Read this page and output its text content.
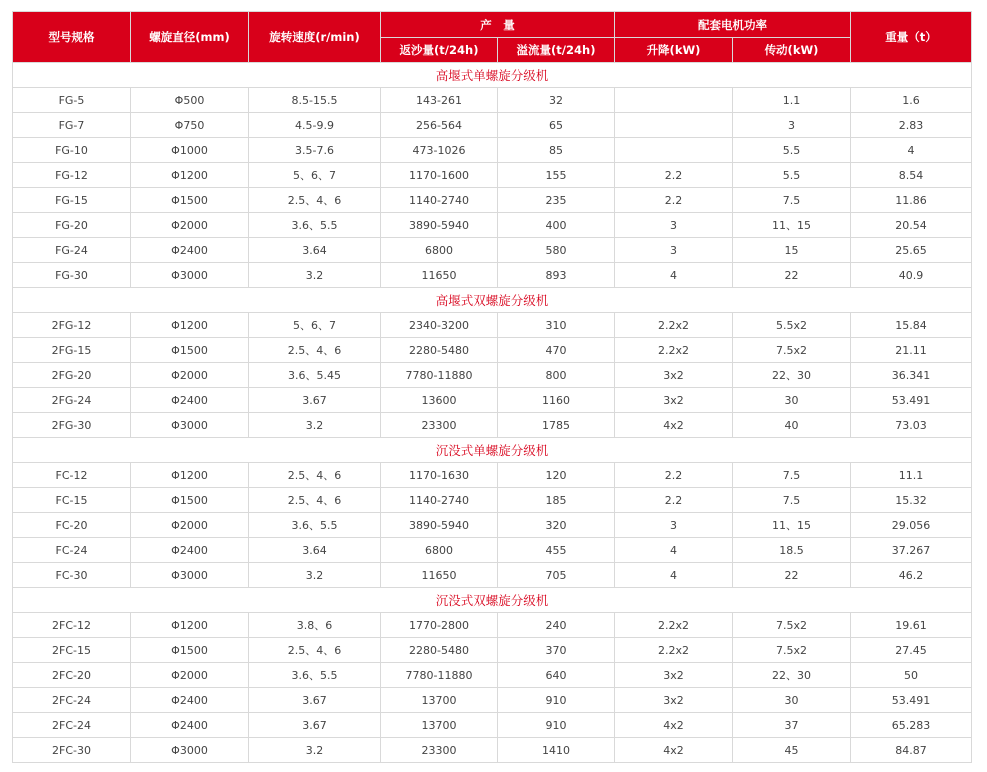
型号规格	螺旋直径(mm)	旋转速度(r/min)	产　量		配套电机功率		重量（t）
			返沙量(t/24h)	溢流量(t/24h)	升降(kW)	传动(kW)	
高堰式单螺旋分级机							
FG-5	Φ500	8.5-15.5	143-261	32		1.1	1.6
FG-7	Φ750	4.5-9.9	256-564	65		3	2.83
FG-10	Φ1000	3.5-7.6	473-1026	85		5.5	4
FG-12	Φ1200	5、6、7	1170-1600	155	2.2	5.5	8.54
FG-15	Φ1500	2.5、4、6	1140-2740	235	2.2	7.5	11.86
FG-20	Φ2000	3.6、5.5	3890-5940	400	3	11、15	20.54
FG-24	Φ2400	3.64	6800	580	3	15	25.65
FG-30	Φ3000	3.2	11650	893	4	22	40.9
高堰式双螺旋分级机							
2FG-12	Φ1200	5、6、7	2340-3200	310	2.2x2	5.5x2	15.84
2FG-15	Φ1500	2.5、4、6	2280-5480	470	2.2x2	7.5x2	21.11
2FG-20	Φ2000	3.6、5.45	7780-11880	800	3x2	22、30	36.341
2FG-24	Φ2400	3.67	13600	1160	3x2	30	53.491
2FG-30	Φ3000	3.2	23300	1785	4x2	40	73.03
沉没式单螺旋分级机							
FC-12	Φ1200	2.5、4、6	1170-1630	120	2.2	7.5	11.1
FC-15	Φ1500	2.5、4、6	1140-2740	185	2.2	7.5	15.32
FC-20	Φ2000	3.6、5.5	3890-5940	320	3	11、15	29.056
FC-24	Φ2400	3.64	6800	455	4	18.5	37.267
FC-30	Φ3000	3.2	11650	705	4	22	46.2
沉没式双螺旋分级机							
2FC-12	Φ1200	3.8、6	1770-2800	240	2.2x2	7.5x2	19.61
2FC-15	Φ1500	2.5、4、6	2280-5480	370	2.2x2	7.5x2	27.45
2FC-20	Φ2000	3.6、5.5	7780-11880	640	3x2	22、30	50
2FC-24	Φ2400	3.67	13700	910	3x2	30	53.491
2FC-24	Φ2400	3.67	13700	910	4x2	37	65.283
2FC-30	Φ3000	3.2	23300	1410	4x2	45	84.87
